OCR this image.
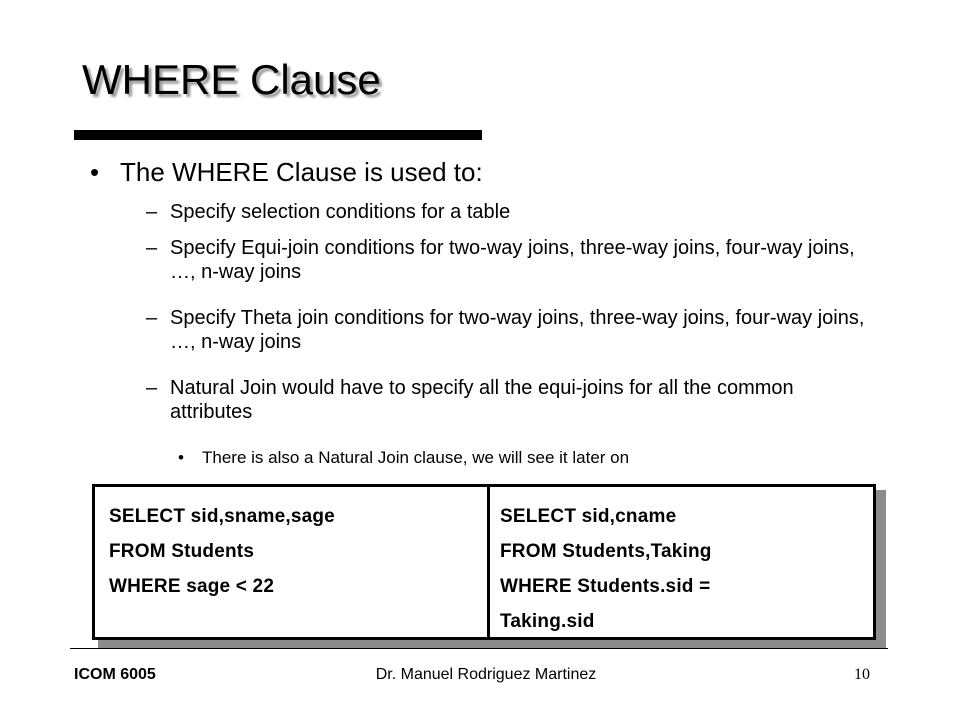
WHERE Clause
• The WHERE Clause is used to:
– Specify selection conditions for a table
– Specify Equi-join conditions for two-way joins, three-way joins, four-way joins, …, n-way joins
– Specify Theta join conditions for two-way joins, three-way joins, four-way joins, …, n-way joins
– Natural Join would have to specify all the equi-joins for all the common attributes
• There is also a Natural Join clause, we will see it later on
SELECT sid,sname,sage
FROM Students
WHERE sage < 22
SELECT sid,cname
FROM Students,Taking
WHERE Students.sid =
Taking.sid
ICOM 6005	Dr. Manuel Rodriguez Martinez	10
